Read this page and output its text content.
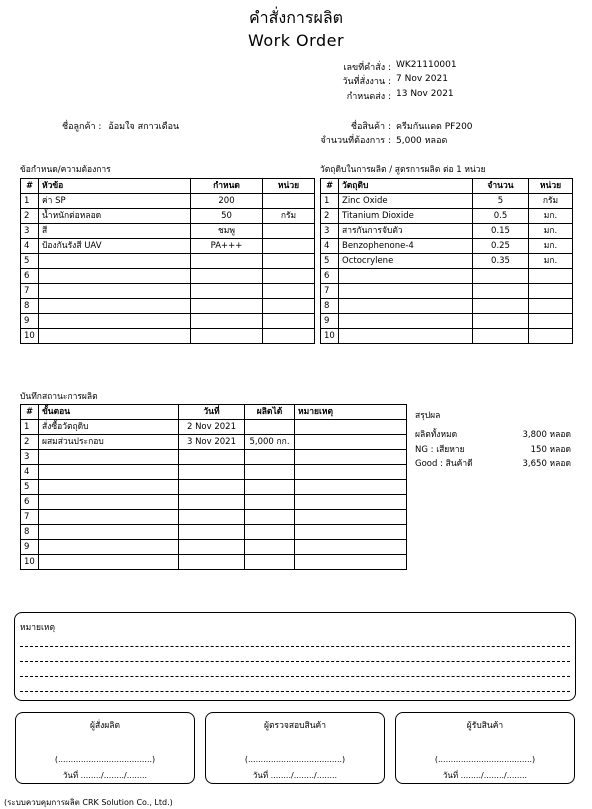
คำสั่งการผลิต
Work Order
เลขที่คำสั่ง : WK21110001
วันที่สั่งงาน : 7 Nov 2021
กำหนดส่ง : 13 Nov 2021
ชื่อลูกค้า : อ้อมใจ สกาวเดือน	ชื่อสินค้า : ครีมกันแดด PF200
จำนวนที่ต้องการ : 5,000 หลอด
ข้อกำหนด/ความต้องการ
#	หัวข้อ	กำหนด	หน่วย
1	ค่า SP	200	
2	น้ำหนักต่อหลอด	50	กรัม
3	สี	ชมพู	
4	ป้องกันรังสี UAV	PA+++	
5			
6			
7			
8			
9			
10			
วัตถุดิบในการผลิต / สูตรการผลิต ต่อ 1 หน่วย
#	วัตถุดิบ	จำนวน	หน่วย
1	Zinc Oxide	5	กรัม
2	Titanium Dioxide	0.5	มก.
3	สารกันการจับตัว	0.15	มก.
4	Benzophenone-4	0.25	มก.
5	Octocrylene	0.35	มก.
6			
7			
8			
9			
10			
บันทึกสถานะการผลิต
#	ขั้นตอน	วันที่	ผลิตได้	หมายเหตุ
1	สั่งซื้อวัตถุดิบ	2 Nov 2021		
2	ผสมส่วนประกอบ	3 Nov 2021	5,000 กก.	
3				
4				
5				
6				
7				
8				
9				
10				
สรุปผล
ผลิตทั้งหมด	3,800 หลอด
NG : เสียหาย	150 หลอด
Good : สินค้าดี	3,650 หลอด
หมายเหตุ
ผู้สั่งผลิต
(.....................................)
วันที่ ......../......../........
ผู้ตรวจสอบสินค้า
(.....................................)
วันที่ ......../......../........
ผู้รับสินค้า
(.....................................)
วันที่ ......../......../........
(ระบบควบคุมการผลิต CRK Solution Co., Ltd.)
